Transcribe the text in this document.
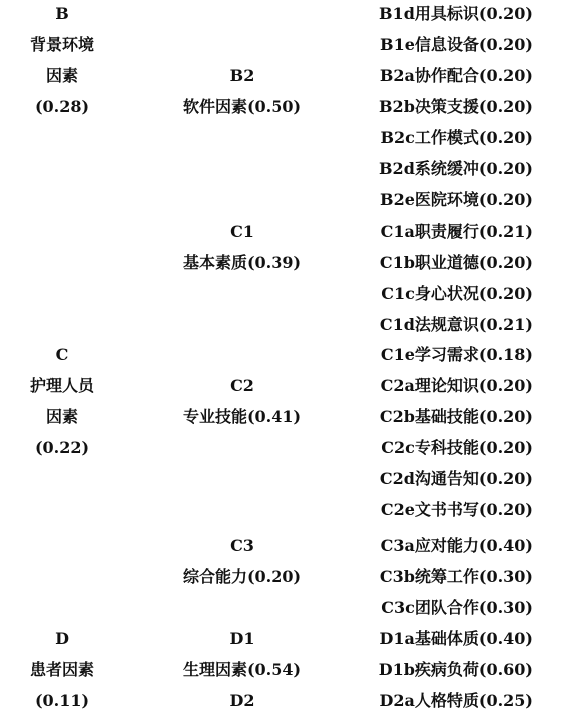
B
背景环境
因素
(0.28)
C
护理人员
因素
(0.22)
D
患者因素
(0.11)
B2
软件因素(0.50)
C1
基本素质(0.39)
C2
专业技能(0.41)
C3
综合能力(0.20)
D1
生理因素(0.54)
D2
B1d用具标识(0.20)
B1e信息设备(0.20)
B2a协作配合(0.20)
B2b决策支援(0.20)
B2c工作模式(0.20)
B2d系统缓冲(0.20)
B2e医院环境(0.20)
C1a职责履行(0.21)
C1b职业道德(0.20)
C1c身心状况(0.20)
C1d法规意识(0.21)
C1e学习需求(0.18)
C2a理论知识(0.20)
C2b基础技能(0.20)
C2c专科技能(0.20)
C2d沟通告知(0.20)
C2e文书书写(0.20)
C3a应对能力(0.40)
C3b统筹工作(0.30)
C3c团队合作(0.30)
D1a基础体质(0.40)
D1b疾病负荷(0.60)
D2a人格特质(0.25)
